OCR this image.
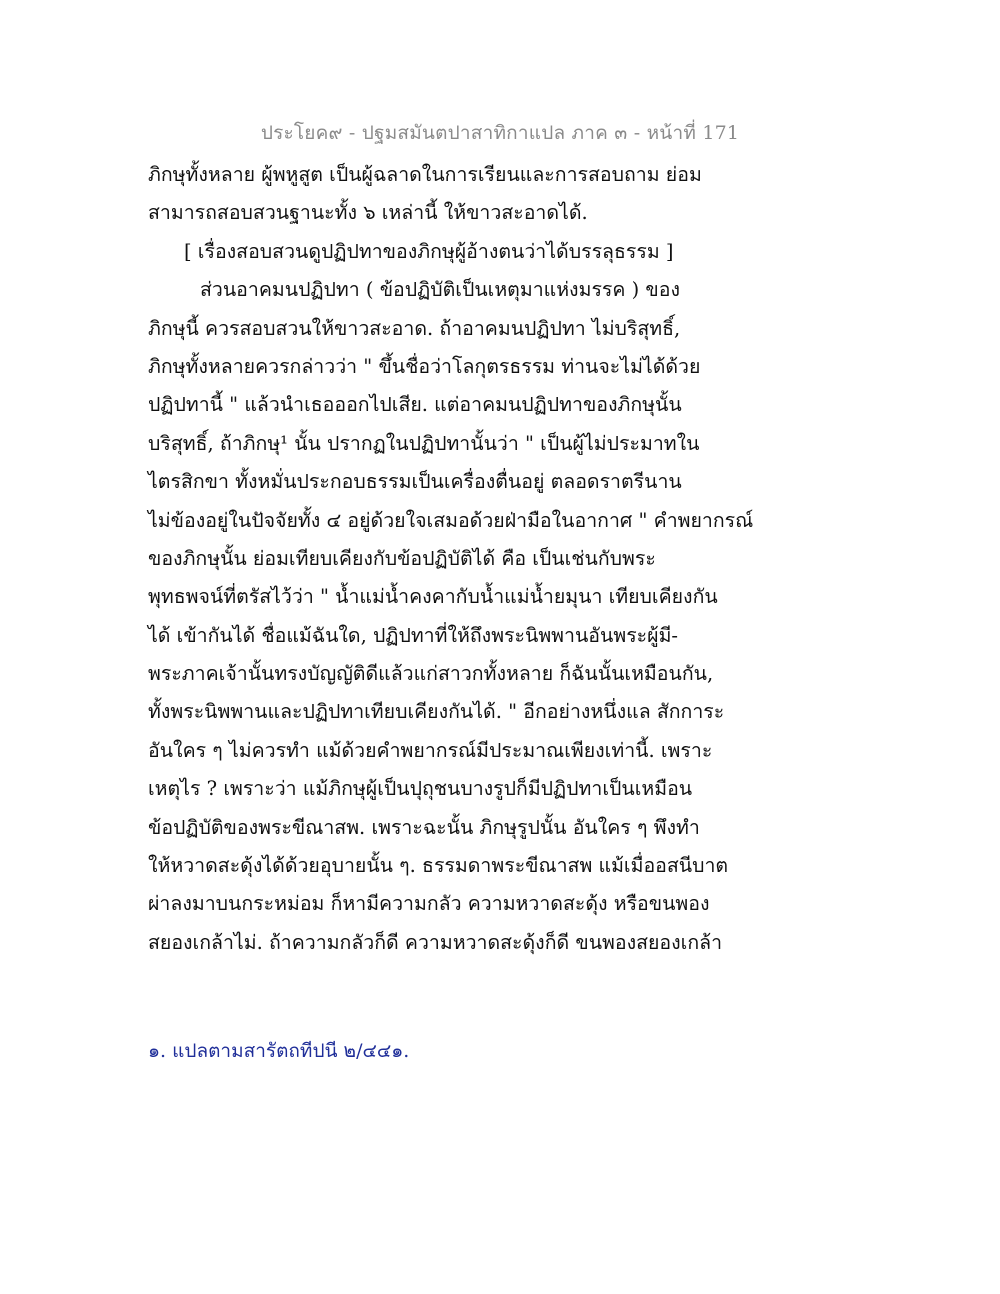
ประโยค๙ - ปฐมสมันตปาสาทิกาแปล ภาค ๓ - หน้าที่ 171
ภิกษุทั้งหลาย ผู้พหูสูต เป็นผู้ฉลาดในการเรียนและการสอบถาม ย่อม
สามารถสอบสวนฐานะทั้ง ๖ เหล่านี้ ให้ขาวสะอาดได้.
[ เรื่องสอบสวนดูปฏิปทาของภิกษุผู้อ้างตนว่าได้บรรลุธรรม ]
ส่วนอาคมนปฏิปทา ( ข้อปฏิบัติเป็นเหตุมาแห่งมรรค ) ของ
ภิกษุนี้ ควรสอบสวนให้ขาวสะอาด. ถ้าอาคมนปฏิปทา ไม่บริสุทธิ์,
ภิกษุทั้งหลายควรกล่าวว่า " ขึ้นชื่อว่าโลกุตรธรรม ท่านจะไม่ได้ด้วย
ปฏิปทานี้ " แล้วนำเธอออกไปเสีย. แต่อาคมนปฏิปทาของภิกษุนั้น
บริสุทธิ์, ถ้าภิกษุ¹ นั้น ปรากฏในปฏิปทานั้นว่า " เป็นผู้ไม่ประมาทใน
ไตรสิกขา ทั้งหมั่นประกอบธรรมเป็นเครื่องตื่นอยู่ ตลอดราตรีนาน
ไม่ข้องอยู่ในปัจจัยทั้ง ๔ อยู่ด้วยใจเสมอด้วยฝ่ามือในอากาศ " คำพยากรณ์
ของภิกษุนั้น ย่อมเทียบเคียงกับข้อปฏิบัติได้ คือ เป็นเช่นกับพระ
พุทธพจน์ที่ตรัสไว้ว่า " น้ำแม่น้ำคงคากับน้ำแม่น้ำยมุนา เทียบเคียงกัน
ได้ เข้ากันได้ ชื่อแม้ฉันใด, ปฏิปทาที่ให้ถึงพระนิพพานอันพระผู้มี-
พระภาคเจ้านั้นทรงบัญญัติดีแล้วแก่สาวกทั้งหลาย ก็ฉันนั้นเหมือนกัน,
ทั้งพระนิพพานและปฏิปทาเทียบเคียงกันได้. " อีกอย่างหนึ่งแล สักการะ
อันใคร ๆ ไม่ควรทำ แม้ด้วยคำพยากรณ์มีประมาณเพียงเท่านี้. เพราะ
เหตุไร ? เพราะว่า แม้ภิกษุผู้เป็นปุถุชนบางรูปก็มีปฏิปทาเป็นเหมือน
ข้อปฏิบัติของพระขีณาสพ. เพราะฉะนั้น ภิกษุรูปนั้น อันใคร ๆ พึงทำ
ให้หวาดสะดุ้งได้ด้วยอุบายนั้น ๆ. ธรรมดาพระขีณาสพ แม้เมื่ออสนีบาต
ผ่าลงมาบนกระหม่อม ก็หามีความกลัว ความหวาดสะดุ้ง หรือขนพอง
สยองเกล้าไม่. ถ้าความกลัวก็ดี ความหวาดสะดุ้งก็ดี ขนพองสยองเกล้า
๑. แปลตามสารัตถทีปนี ๒/๔๔๑.
